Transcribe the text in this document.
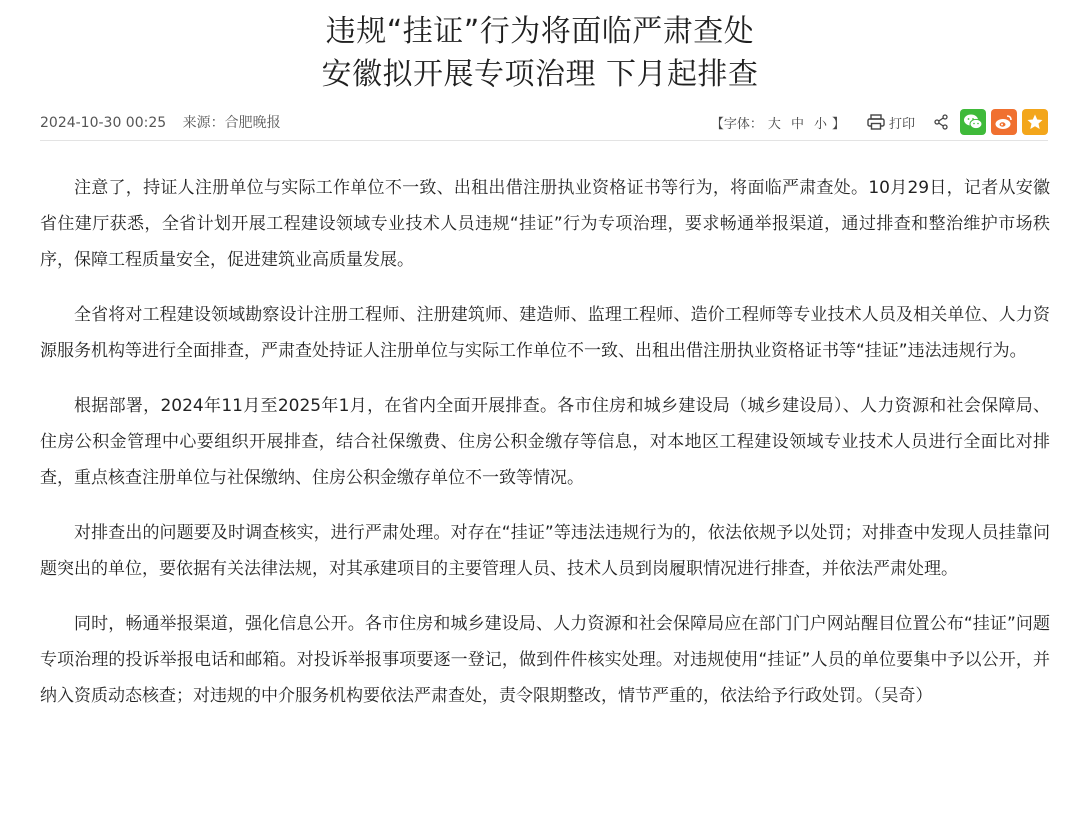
违规“挂证”行为将面临严肃查处
安徽拟开展专项治理 下月起排查
2024-10-30 00:25 来源：合肥晚报	【字体： 大 中 小 】	打印

注意了，持证人注册单位与实际工作单位不一致、出租出借注册执业资格证书等行为，将面临严肃查处。10月29日，记者从安徽省住建厅获悉，全省计划开展工程建设领域专业技术人员违规“挂证”行为专项治理，要求畅通举报渠道，通过排查和整治维护市场秩序，保障工程质量安全，促进建筑业高质量发展。

全省将对工程建设领域勘察设计注册工程师、注册建筑师、建造师、监理工程师、造价工程师等专业技术人员及相关单位、人力资源服务机构等进行全面排查，严肃查处持证人注册单位与实际工作单位不一致、出租出借注册执业资格证书等“挂证”违法违规行为。

根据部署，2024年11月至2025年1月，在省内全面开展排查。各市住房和城乡建设局（城乡建设局）、人力资源和社会保障局、住房公积金管理中心要组织开展排查，结合社保缴费、住房公积金缴存等信息，对本地区工程建设领域专业技术人员进行全面比对排查，重点核查注册单位与社保缴纳、住房公积金缴存单位不一致等情况。

对排查出的问题要及时调查核实，进行严肃处理。对存在“挂证”等违法违规行为的，依法依规予以处罚；对排查中发现人员挂靠问题突出的单位，要依据有关法律法规，对其承建项目的主要管理人员、技术人员到岗履职情况进行排查，并依法严肃处理。

同时，畅通举报渠道，强化信息公开。各市住房和城乡建设局、人力资源和社会保障局应在部门门户网站醒目位置公布“挂证”问题专项治理的投诉举报电话和邮箱。对投诉举报事项要逐一登记，做到件件核实处理。对违规使用“挂证”人员的单位要集中予以公开，并纳入资质动态核查；对违规的中介服务机构要依法严肃查处，责令限期整改，情节严重的，依法给予行政处罚。（吴奇）
